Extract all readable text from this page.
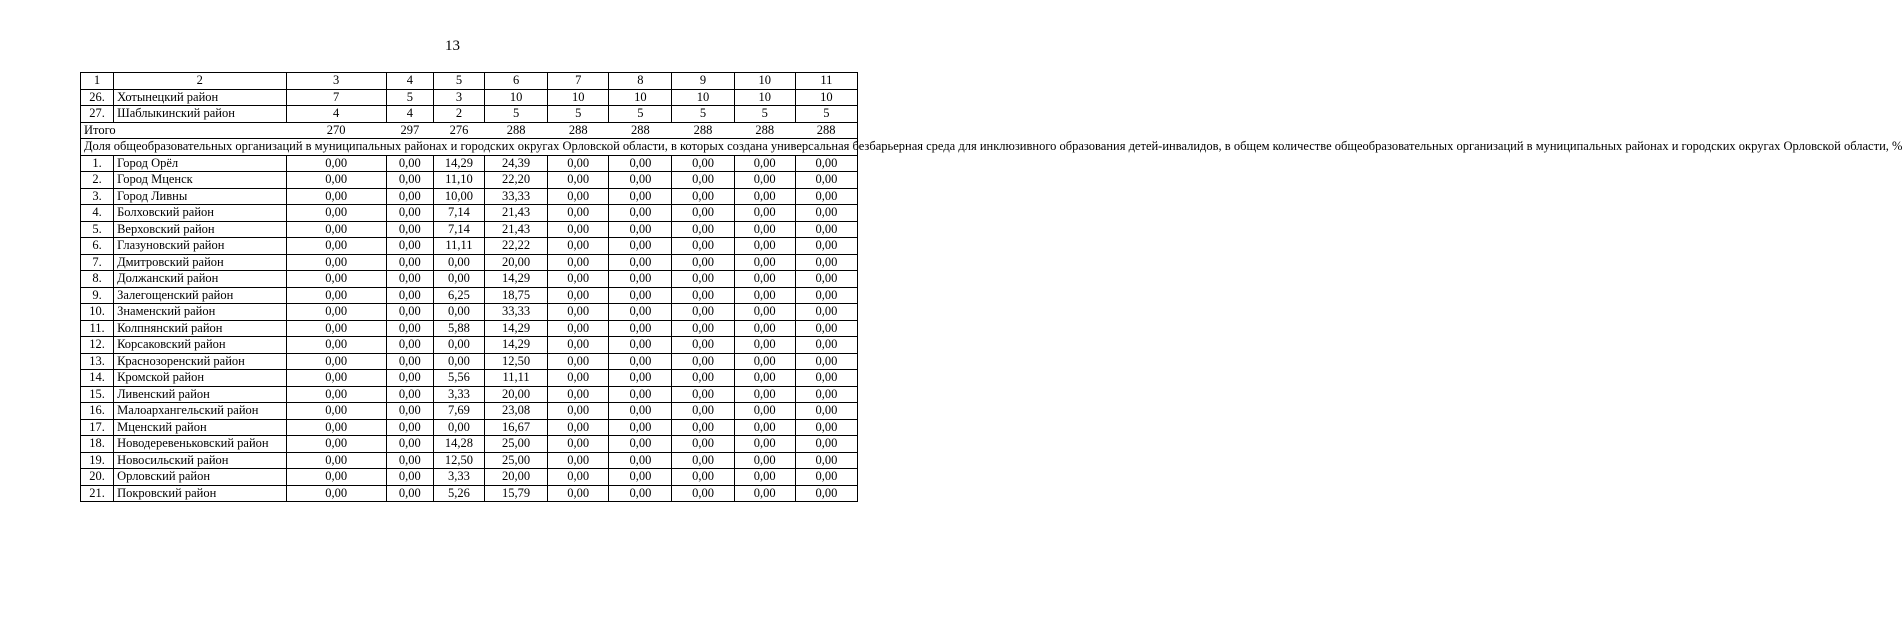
13
1	2	3	4	5	6	7	8	9	10	11
26.	Хотынецкий район	7	5	3	10	10	10	10	10	10
27.	Шаблыкинский район	4	4	2	5	5	5	5	5	5
Итого		270	297	276	288	288	288	288	288	288
Доля общеобразовательных организаций в муниципальных районах и городских округах Орловской области, в которых создана универсальная безбарьерная среда для инклюзивного образования детей-инвалидов, в общем количестве общеобразовательных организаций в муниципальных районах и городских округах Орловской области, %										
1.	Город Орёл	0,00	0,00	14,29	24,39	0,00	0,00	0,00	0,00	0,00
2.	Город Мценск	0,00	0,00	11,10	22,20	0,00	0,00	0,00	0,00	0,00
3.	Город Ливны	0,00	0,00	10,00	33,33	0,00	0,00	0,00	0,00	0,00
4.	Болховский район	0,00	0,00	7,14	21,43	0,00	0,00	0,00	0,00	0,00
5.	Верховский район	0,00	0,00	7,14	21,43	0,00	0,00	0,00	0,00	0,00
6.	Глазуновский район	0,00	0,00	11,11	22,22	0,00	0,00	0,00	0,00	0,00
7.	Дмитровский район	0,00	0,00	0,00	20,00	0,00	0,00	0,00	0,00	0,00
8.	Должанский район	0,00	0,00	0,00	14,29	0,00	0,00	0,00	0,00	0,00
9.	Залегощенский район	0,00	0,00	6,25	18,75	0,00	0,00	0,00	0,00	0,00
10.	Знаменский район	0,00	0,00	0,00	33,33	0,00	0,00	0,00	0,00	0,00
11.	Колпнянский район	0,00	0,00	5,88	14,29	0,00	0,00	0,00	0,00	0,00
12.	Корсаковский район	0,00	0,00	0,00	14,29	0,00	0,00	0,00	0,00	0,00
13.	Краснозоренский район	0,00	0,00	0,00	12,50	0,00	0,00	0,00	0,00	0,00
14.	Кромской район	0,00	0,00	5,56	11,11	0,00	0,00	0,00	0,00	0,00
15.	Ливенский район	0,00	0,00	3,33	20,00	0,00	0,00	0,00	0,00	0,00
16.	Малоархангельский район	0,00	0,00	7,69	23,08	0,00	0,00	0,00	0,00	0,00
17.	Мценский район	0,00	0,00	0,00	16,67	0,00	0,00	0,00	0,00	0,00
18.	Новодеревеньковский район	0,00	0,00	14,28	25,00	0,00	0,00	0,00	0,00	0,00
19.	Новосильский район	0,00	0,00	12,50	25,00	0,00	0,00	0,00	0,00	0,00
20.	Орловский район	0,00	0,00	3,33	20,00	0,00	0,00	0,00	0,00	0,00
21.	Покровский район	0,00	0,00	5,26	15,79	0,00	0,00	0,00	0,00	0,00
